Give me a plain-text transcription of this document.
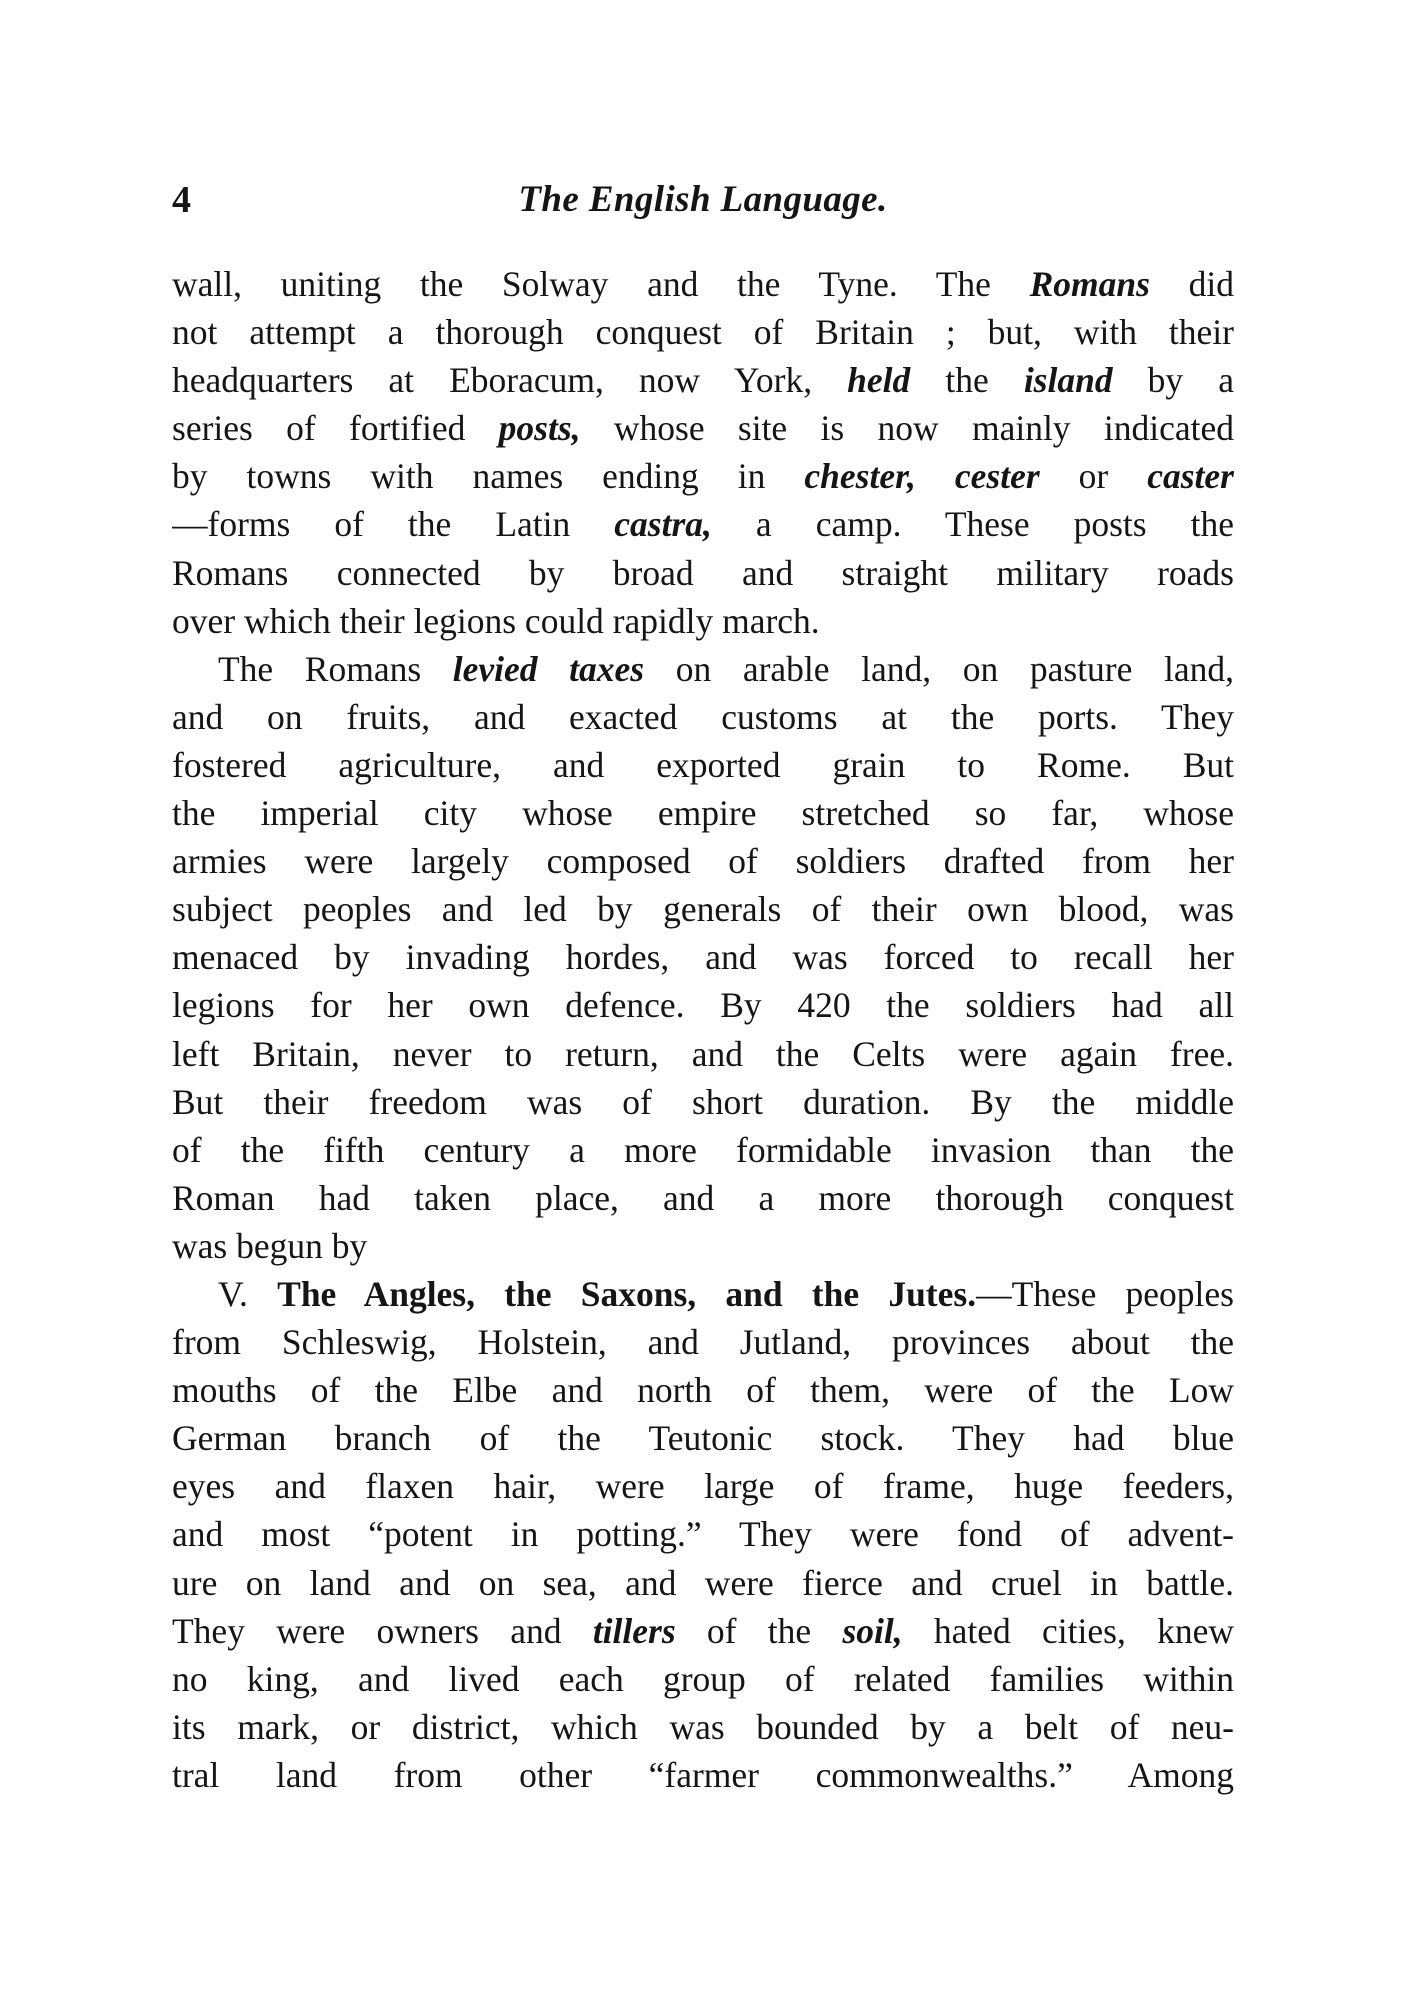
4	The English Language.
wall, uniting the Solway and the Tyne. The Romans did
not attempt a thorough conquest of Britain ; but, with their
headquarters at Eboracum, now York, held the island by a
series of fortified posts, whose site is now mainly indicated
by towns with names ending in chester, cester or caster
—forms of the Latin castra, a camp. These posts the
Romans connected by broad and straight military roads
over which their legions could rapidly march.
The Romans levied taxes on arable land, on pasture land,
and on fruits, and exacted customs at the ports. They
fostered agriculture, and exported grain to Rome. But
the imperial city whose empire stretched so far, whose
armies were largely composed of soldiers drafted from her
subject peoples and led by generals of their own blood, was
menaced by invading hordes, and was forced to recall her
legions for her own defence. By 420 the soldiers had all
left Britain, never to return, and the Celts were again free.
But their freedom was of short duration. By the middle
of the fifth century a more formidable invasion than the
Roman had taken place, and a more thorough conquest
was begun by
V. The Angles, the Saxons, and the Jutes.—These peoples
from Schleswig, Holstein, and Jutland, provinces about the
mouths of the Elbe and north of them, were of the Low
German branch of the Teutonic stock. They had blue
eyes and flaxen hair, were large of frame, huge feeders,
and most “potent in potting.” They were fond of advent-
ure on land and on sea, and were fierce and cruel in battle.
They were owners and tillers of the soil, hated cities, knew
no king, and lived each group of related families within
its mark, or district, which was bounded by a belt of neu-
tral land from other “farmer commonwealths.” Among
